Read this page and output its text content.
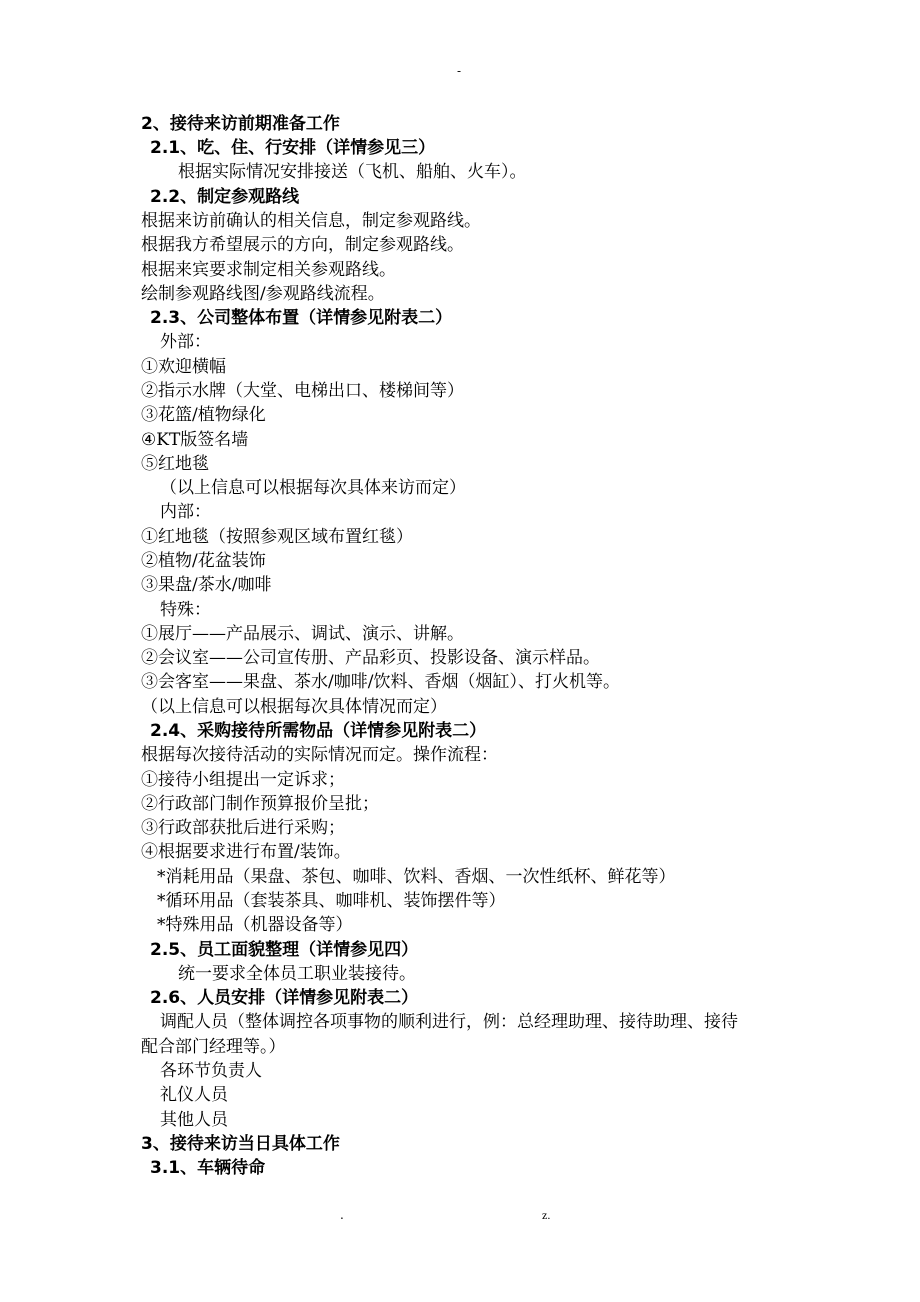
-
2、接待来访前期准备工作
2.1、吃、住、行安排（详情参见三）
根据实际情况安排接送（飞机、船舶、火车）。
2.2、制定参观路线
根据来访前确认的相关信息，制定参观路线。
根据我方希望展示的方向，制定参观路线。
根据来宾要求制定相关参观路线。
绘制参观路线图/参观路线流程。
2.3、公司整体布置（详情参见附表二）
外部：
①欢迎横幅
②指示水牌（大堂、电梯出口、楼梯间等）
③花篮/植物绿化
④KT版签名墙
⑤红地毯
（以上信息可以根据每次具体来访而定）
内部：
①红地毯（按照参观区域布置红毯）
②植物/花盆装饰
③果盘/茶水/咖啡
特殊：
①展厅——产品展示、调试、演示、讲解。
②会议室——公司宣传册、产品彩页、投影设备、演示样品。
③会客室——果盘、茶水/咖啡/饮料、香烟（烟缸）、打火机等。
（以上信息可以根据每次具体情况而定）
2.4、采购接待所需物品（详情参见附表二）
根据每次接待活动的实际情况而定。操作流程：
①接待小组提出一定诉求；
②行政部门制作预算报价呈批；
③行政部获批后进行采购；
④根据要求进行布置/装饰。
*消耗用品（果盘、茶包、咖啡、饮料、香烟、一次性纸杯、鲜花等）
*循环用品（套装茶具、咖啡机、装饰摆件等）
*特殊用品（机器设备等）
2.5、员工面貌整理（详情参见四）
统一要求全体员工职业装接待。
2.6、人员安排（详情参见附表二）
调配人员（整体调控各项事物的顺利进行，例：总经理助理、接待助理、接待
配合部门经理等。）
各环节负责人
礼仪人员
其他人员
3、接待来访当日具体工作
3.1、车辆待命
.	z.
